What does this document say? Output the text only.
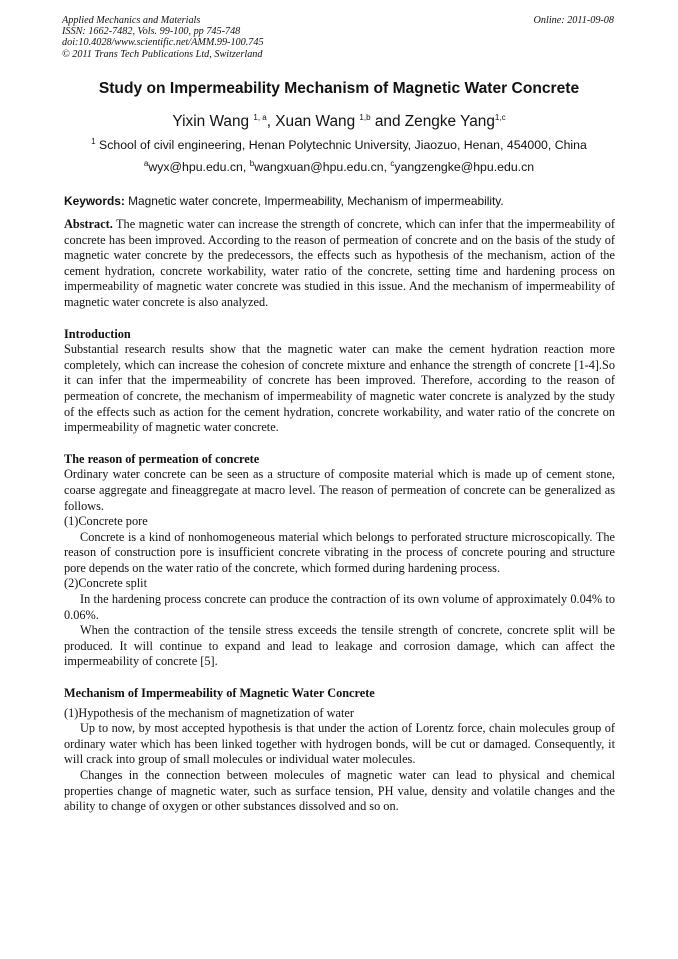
Applied Mechanics and Materials
ISSN: 1662-7482, Vols. 99-100, pp 745-748
doi:10.4028/www.scientific.net/AMM.99-100.745
© 2011 Trans Tech Publications Ltd, Switzerland
Online: 2011-09-08
Study on Impermeability Mechanism of Magnetic Water Concrete
Yixin Wang $^{1, a}$, Xuan Wang $^{1,b}$ and Zengke Yang$^{1,c}$
$^1$ School of civil engineering, Henan Polytechnic University, Jiaozuo, Henan, 454000, China
$^a$wyx@hpu.edu.cn, $^b$wangxuan@hpu.edu.cn, $^c$yangzengke@hpu.edu.cn
Keywords: Magnetic water concrete, Impermeability, Mechanism of impermeability.

Abstract. The magnetic water can increase the strength of concrete, which can infer that the impermeability of concrete has been improved. According to the reason of permeation of concrete and on the basis of the study of magnetic water concrete by the predecessors, the effects such as hypothesis of the mechanism, action of the cement hydration, concrete workability, water ratio of the concrete, setting time and hardening process on impermeability of magnetic water concrete was studied in this issue. And the mechanism of impermeability of magnetic water concrete is also analyzed.

Introduction

Substantial research results show that the magnetic water can make the cement hydration reaction more completely, which can increase the cohesion of concrete mixture and enhance the strength of concrete [1-4].So it can infer that the impermeability of concrete has been improved. Therefore, according to the reason of permeation of concrete, the mechanism of impermeability of magnetic water concrete is analyzed by the study of the effects such as action for the cement hydration, concrete workability, and water ratio of the concrete on impermeability of magnetic water concrete.

The reason of permeation of concrete

Ordinary water concrete can be seen as a structure of composite material which is made up of cement stone, coarse aggregate and fineaggregate at macro level. The reason of permeation of concrete can be generalized as follows.

(1)Concrete pore

Concrete is a kind of nonhomogeneous material which belongs to perforated structure microscopically. The reason of construction pore is insufficient concrete vibrating in the process of concrete pouring and structure pore depends on the water ratio of the concrete, which formed during hardening process.

(2)Concrete split

In the hardening process concrete can produce the contraction of its own volume of approximately 0.04% to 0.06%.

When the contraction of the tensile stress exceeds the tensile strength of concrete, concrete split will be produced. It will continue to expand and lead to leakage and corrosion damage, which can affect the impermeability of concrete [5].

Mechanism of Impermeability of Magnetic Water Concrete

(1)Hypothesis of the mechanism of magnetization of water

Up to now, by most accepted hypothesis is that under the action of Lorentz force, chain molecules group of ordinary water which has been linked together with hydrogen bonds, will be cut or damaged. Consequently, it will crack into group of small molecules or individual water molecules.

Changes in the connection between molecules of magnetic water can lead to physical and chemical properties change of magnetic water, such as surface tension, PH value, density and volatile changes and the ability to change of oxygen or other substances dissolved and so on.
